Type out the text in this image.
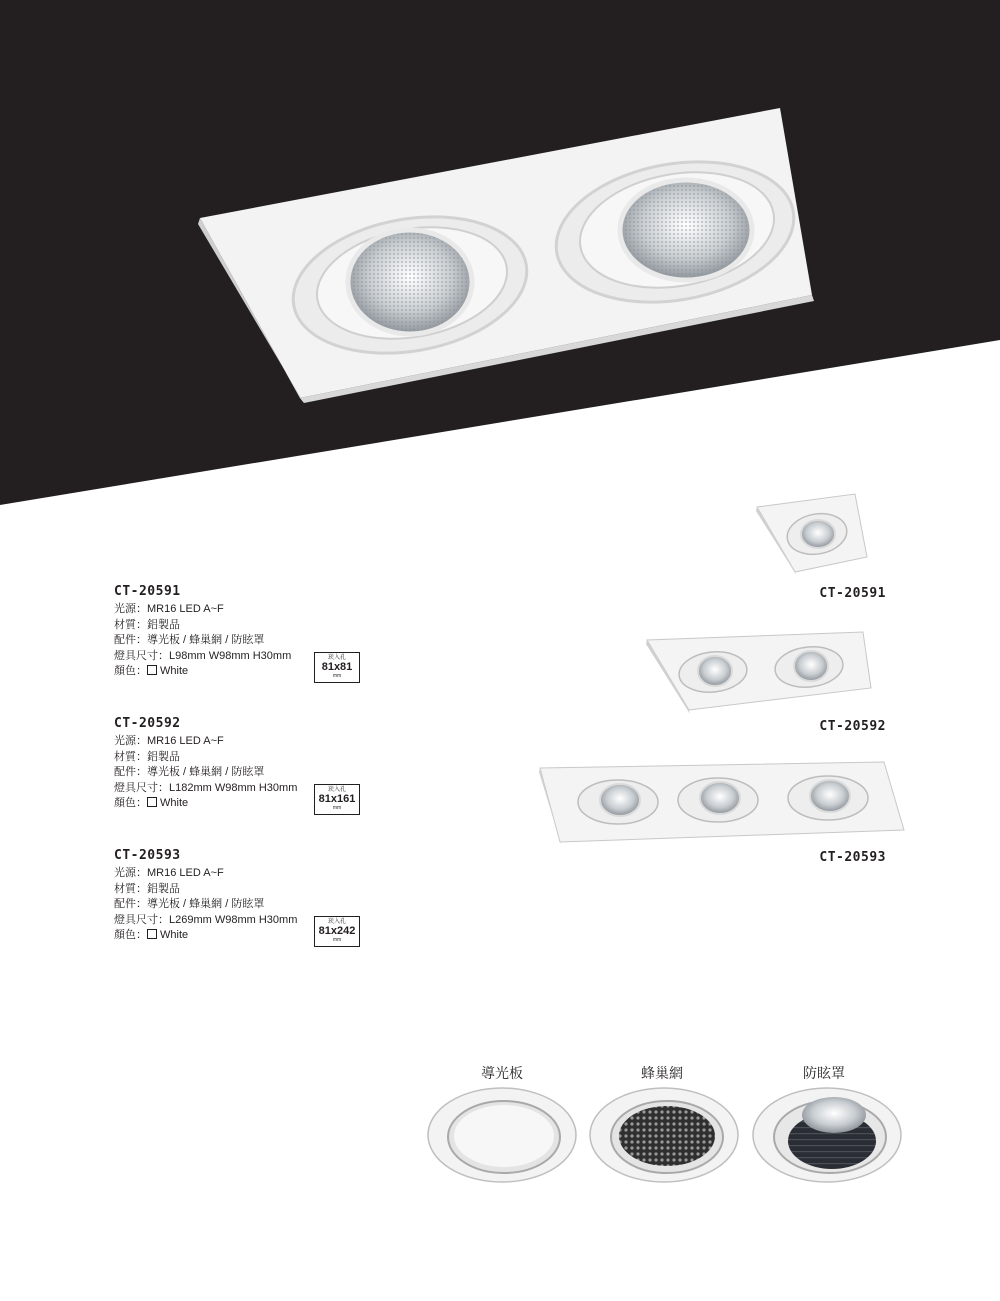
CT-20591
光源：MR16 LED A~F
材質：鋁製品
配件：導光板 / 蜂巢網 / 防眩罩
燈具尺寸：L98mm W98mm H30mm
顏色： White
崁入孔
81x81
mm
CT-20592
光源：MR16 LED A~F
材質：鋁製品
配件：導光板 / 蜂巢網 / 防眩罩
燈具尺寸：L182mm W98mm H30mm
顏色： White
崁入孔
81x161
mm
CT-20593
光源：MR16 LED A~F
材質：鋁製品
配件：導光板 / 蜂巢網 / 防眩罩
燈具尺寸：L269mm W98mm H30mm
顏色： White
崁入孔
81x242
mm
CT-20591
CT-20592
CT-20593
導光板	蜂巢網	防眩罩
